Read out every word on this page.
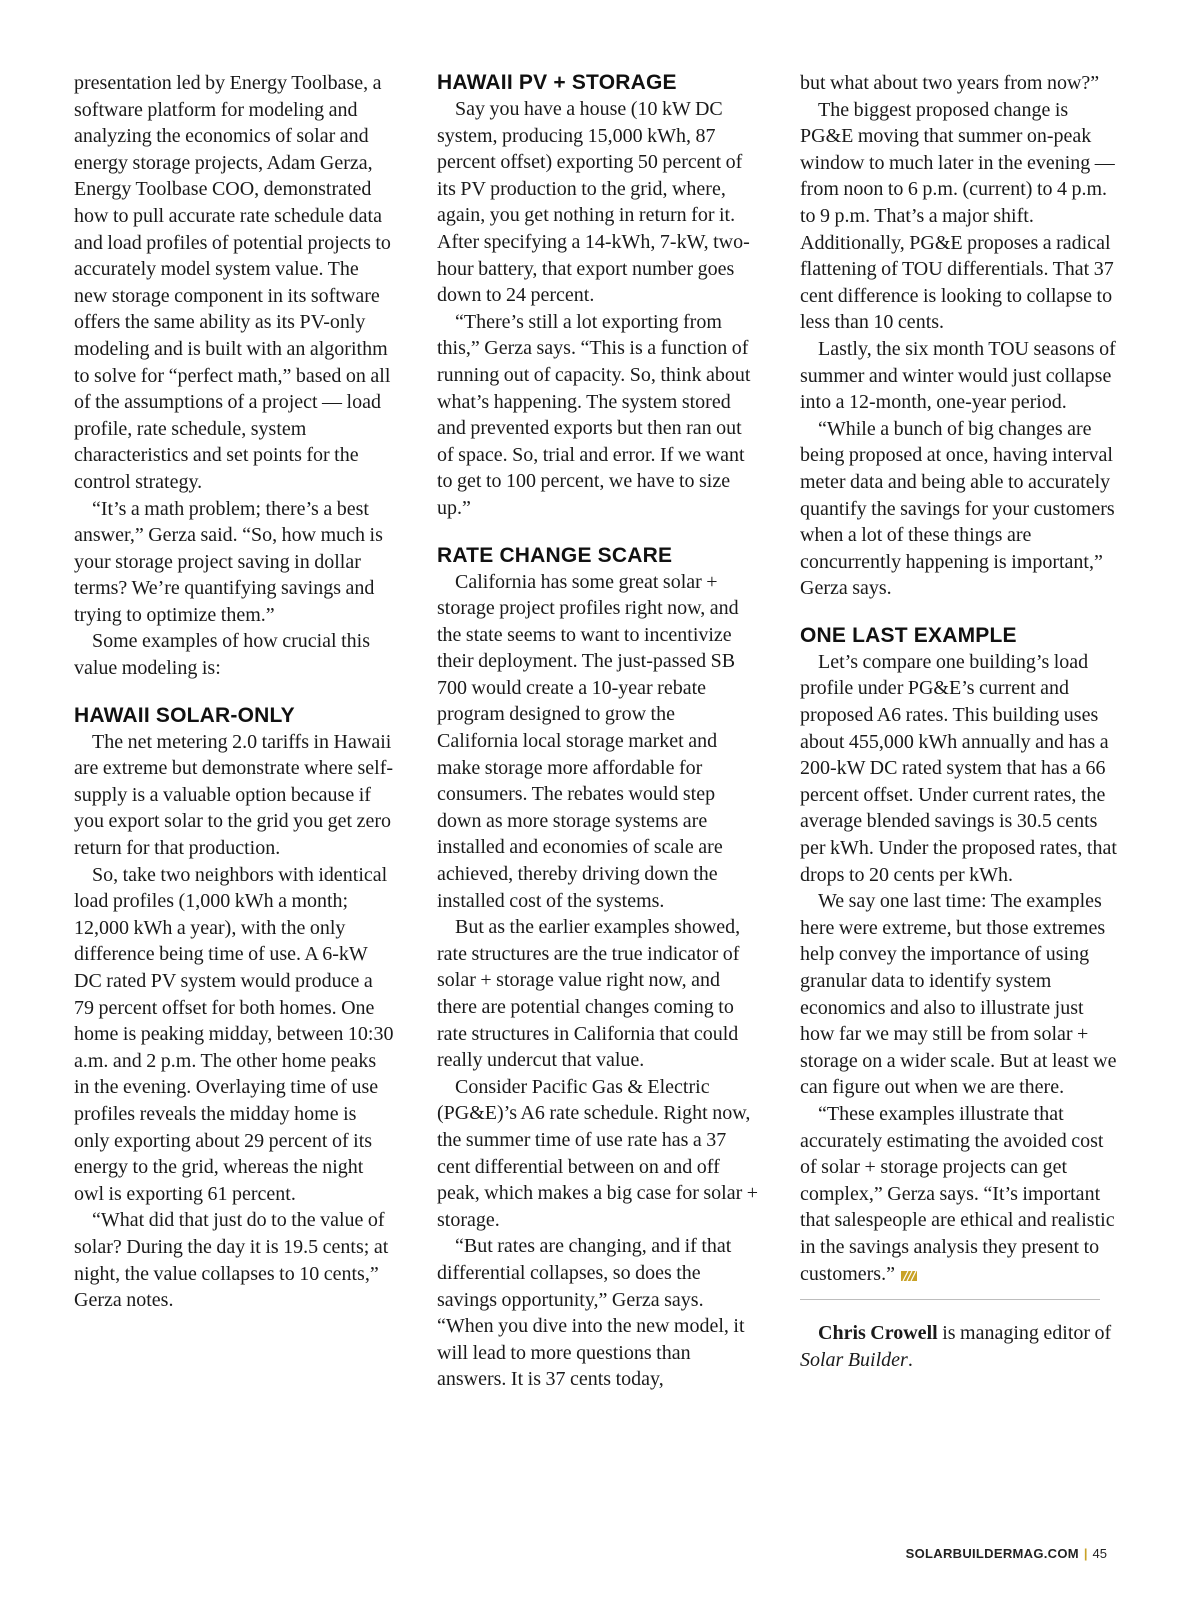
presentation led by Energy Toolbase, a software platform for modeling and analyzing the economics of solar and energy storage projects, Adam Gerza, Energy Toolbase COO, demonstrated how to pull accurate rate schedule data and load profiles of potential projects to accurately model system value. The new storage component in its software offers the same ability as its PV-only modeling and is built with an algorithm to solve for “perfect math,” based on all of the assumptions of a project — load profile, rate schedule, system characteristics and set points for the control strategy.

“It’s a math problem; there’s a best answer,” Gerza said. “So, how much is your storage project saving in dollar terms? We’re quantifying savings and trying to optimize them.”

Some examples of how crucial this value modeling is:

HAWAII SOLAR-ONLY

The net metering 2.0 tariffs in Hawaii are extreme but demonstrate where self-supply is a valuable option because if you export solar to the grid you get zero return for that production.

So, take two neighbors with identical load profiles (1,000 kWh a month; 12,000 kWh a year), with the only difference being time of use. A 6-kW DC rated PV system would produce a 79 percent offset for both homes. One home is peaking midday, between 10:30 a.m. and 2 p.m. The other home peaks in the evening. Overlaying time of use profiles reveals the midday home is only exporting about 29 percent of its energy to the grid, whereas the night owl is exporting 61 percent.

“What did that just do to the value of solar? During the day it is 19.5 cents; at night, the value collapses to 10 cents,” Gerza notes.

HAWAII PV + STORAGE

Say you have a house (10 kW DC system, producing 15,000 kWh, 87 percent offset) exporting 50 percent of its PV production to the grid, where, again, you get nothing in return for it. After specifying a 14-kWh, 7-kW, two-hour battery, that export number goes down to 24 percent.

“There’s still a lot exporting from this,” Gerza says. “This is a function of running out of capacity. So, think about what’s happening. The system stored and prevented exports but then ran out of space. So, trial and error. If we want to get to 100 percent, we have to size up.”

RATE CHANGE SCARE

California has some great solar + storage project profiles right now, and the state seems to want to incentivize their deployment. The just-passed SB 700 would create a 10-year rebate program designed to grow the California local storage market and make storage more affordable for consumers. The rebates would step down as more storage systems are installed and economies of scale are achieved, thereby driving down the installed cost of the systems.

But as the earlier examples showed, rate structures are the true indicator of solar + storage value right now, and there are potential changes coming to rate structures in California that could really undercut that value.

Consider Pacific Gas & Electric (PG&E)’s A6 rate schedule. Right now, the summer time of use rate has a 37 cent differential between on and off peak, which makes a big case for solar + storage.

“But rates are changing, and if that differential collapses, so does the savings opportunity,” Gerza says. “When you dive into the new model, it will lead to more questions than answers. It is 37 cents today,

but what about two years from now?”

The biggest proposed change is PG&E moving that summer on-peak window to much later in the evening — from noon to 6 p.m. (current) to 4 p.m. to 9 p.m. That’s a major shift. Additionally, PG&E proposes a radical flattening of TOU differentials. That 37 cent difference is looking to collapse to less than 10 cents.

Lastly, the six month TOU seasons of summer and winter would just collapse into a 12-month, one-year period.

“While a bunch of big changes are being proposed at once, having interval meter data and being able to accurately quantify the savings for your customers when a lot of these things are concurrently happening is important,” Gerza says.

ONE LAST EXAMPLE

Let’s compare one building’s load profile under PG&E’s current and proposed A6 rates. This building uses about 455,000 kWh annually and has a 200-kW DC rated system that has a 66 percent offset. Under current rates, the average blended savings is 30.5 cents per kWh. Under the proposed rates, that drops to 20 cents per kWh.

We say one last time: The examples here were extreme, but those extremes help convey the importance of using granular data to identify system economics and also to illustrate just how far we may still be from solar + storage on a wider scale. But at least we can figure out when we are there.

“These examples illustrate that accurately estimating the avoided cost of solar + storage projects can get complex,” Gerza says. “It’s important that salespeople are ethical and realistic in the savings analysis they present to customers.”

Chris Crowell is managing editor of Solar Builder.

SOLARBUILDERMAG.COM | 45
